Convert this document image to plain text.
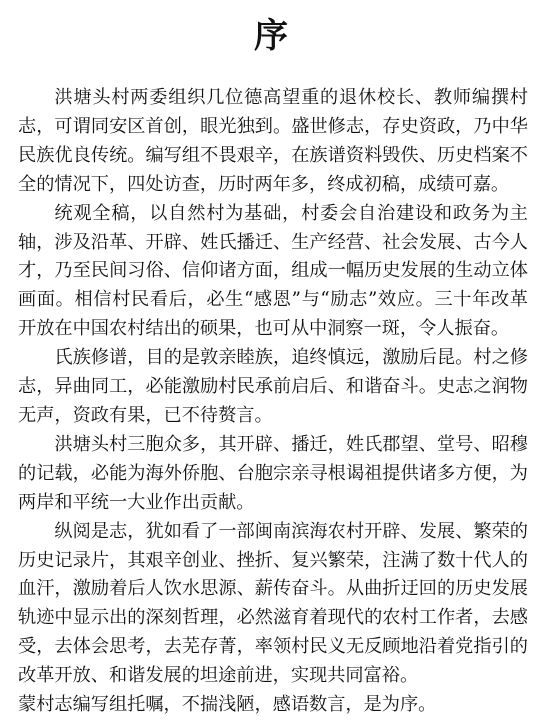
序

洪塘头村两委组织几位德高望重的退休校长、教师编撰村志，可谓同安区首创，眼光独到。盛世修志，存史资政，乃中华民族优良传统。编写组不畏艰辛，在族谱资料毁佚、历史档案不全的情况下，四处访查，历时两年多，终成初稿，成绩可嘉。

统观全稿，以自然村为基础，村委会自治建设和政务为主轴，涉及沿革、开辟、姓氏播迁、生产经营、社会发展、古今人才，乃至民间习俗、信仰诸方面，组成一幅历史发展的生动立体画面。相信村民看后，必生“感恩”与“励志”效应。三十年改革开放在中国农村结出的硕果，也可从中洞察一斑，令人振奋。

氏族修谱，目的是敦亲睦族，追终慎远，激励后昆。村之修志，异曲同工，必能激励村民承前启后、和谐奋斗。史志之润物无声，资政有果，已不待赘言。

洪塘头村三胞众多，其开辟、播迁，姓氏郡望、堂号、昭穆的记载，必能为海外侨胞、台胞宗亲寻根谒祖提供诸多方便，为两岸和平统一大业作出贡献。

纵阅是志，犹如看了一部闽南滨海农村开辟、发展、繁荣的历史记录片，其艰辛创业、挫折、复兴繁荣，注满了数十代人的血汗，激励着后人饮水思源、薪传奋斗。从曲折迂回的历史发展轨迹中显示出的深刻哲理，必然滋育着现代的农村工作者，去感受，去体会思考，去芜存菁，率领村民义无反顾地沿着党指引的改革开放、和谐发展的坦途前进，实现共同富裕。

蒙村志编写组托嘱，不揣浅陋，感语数言，是为序。
